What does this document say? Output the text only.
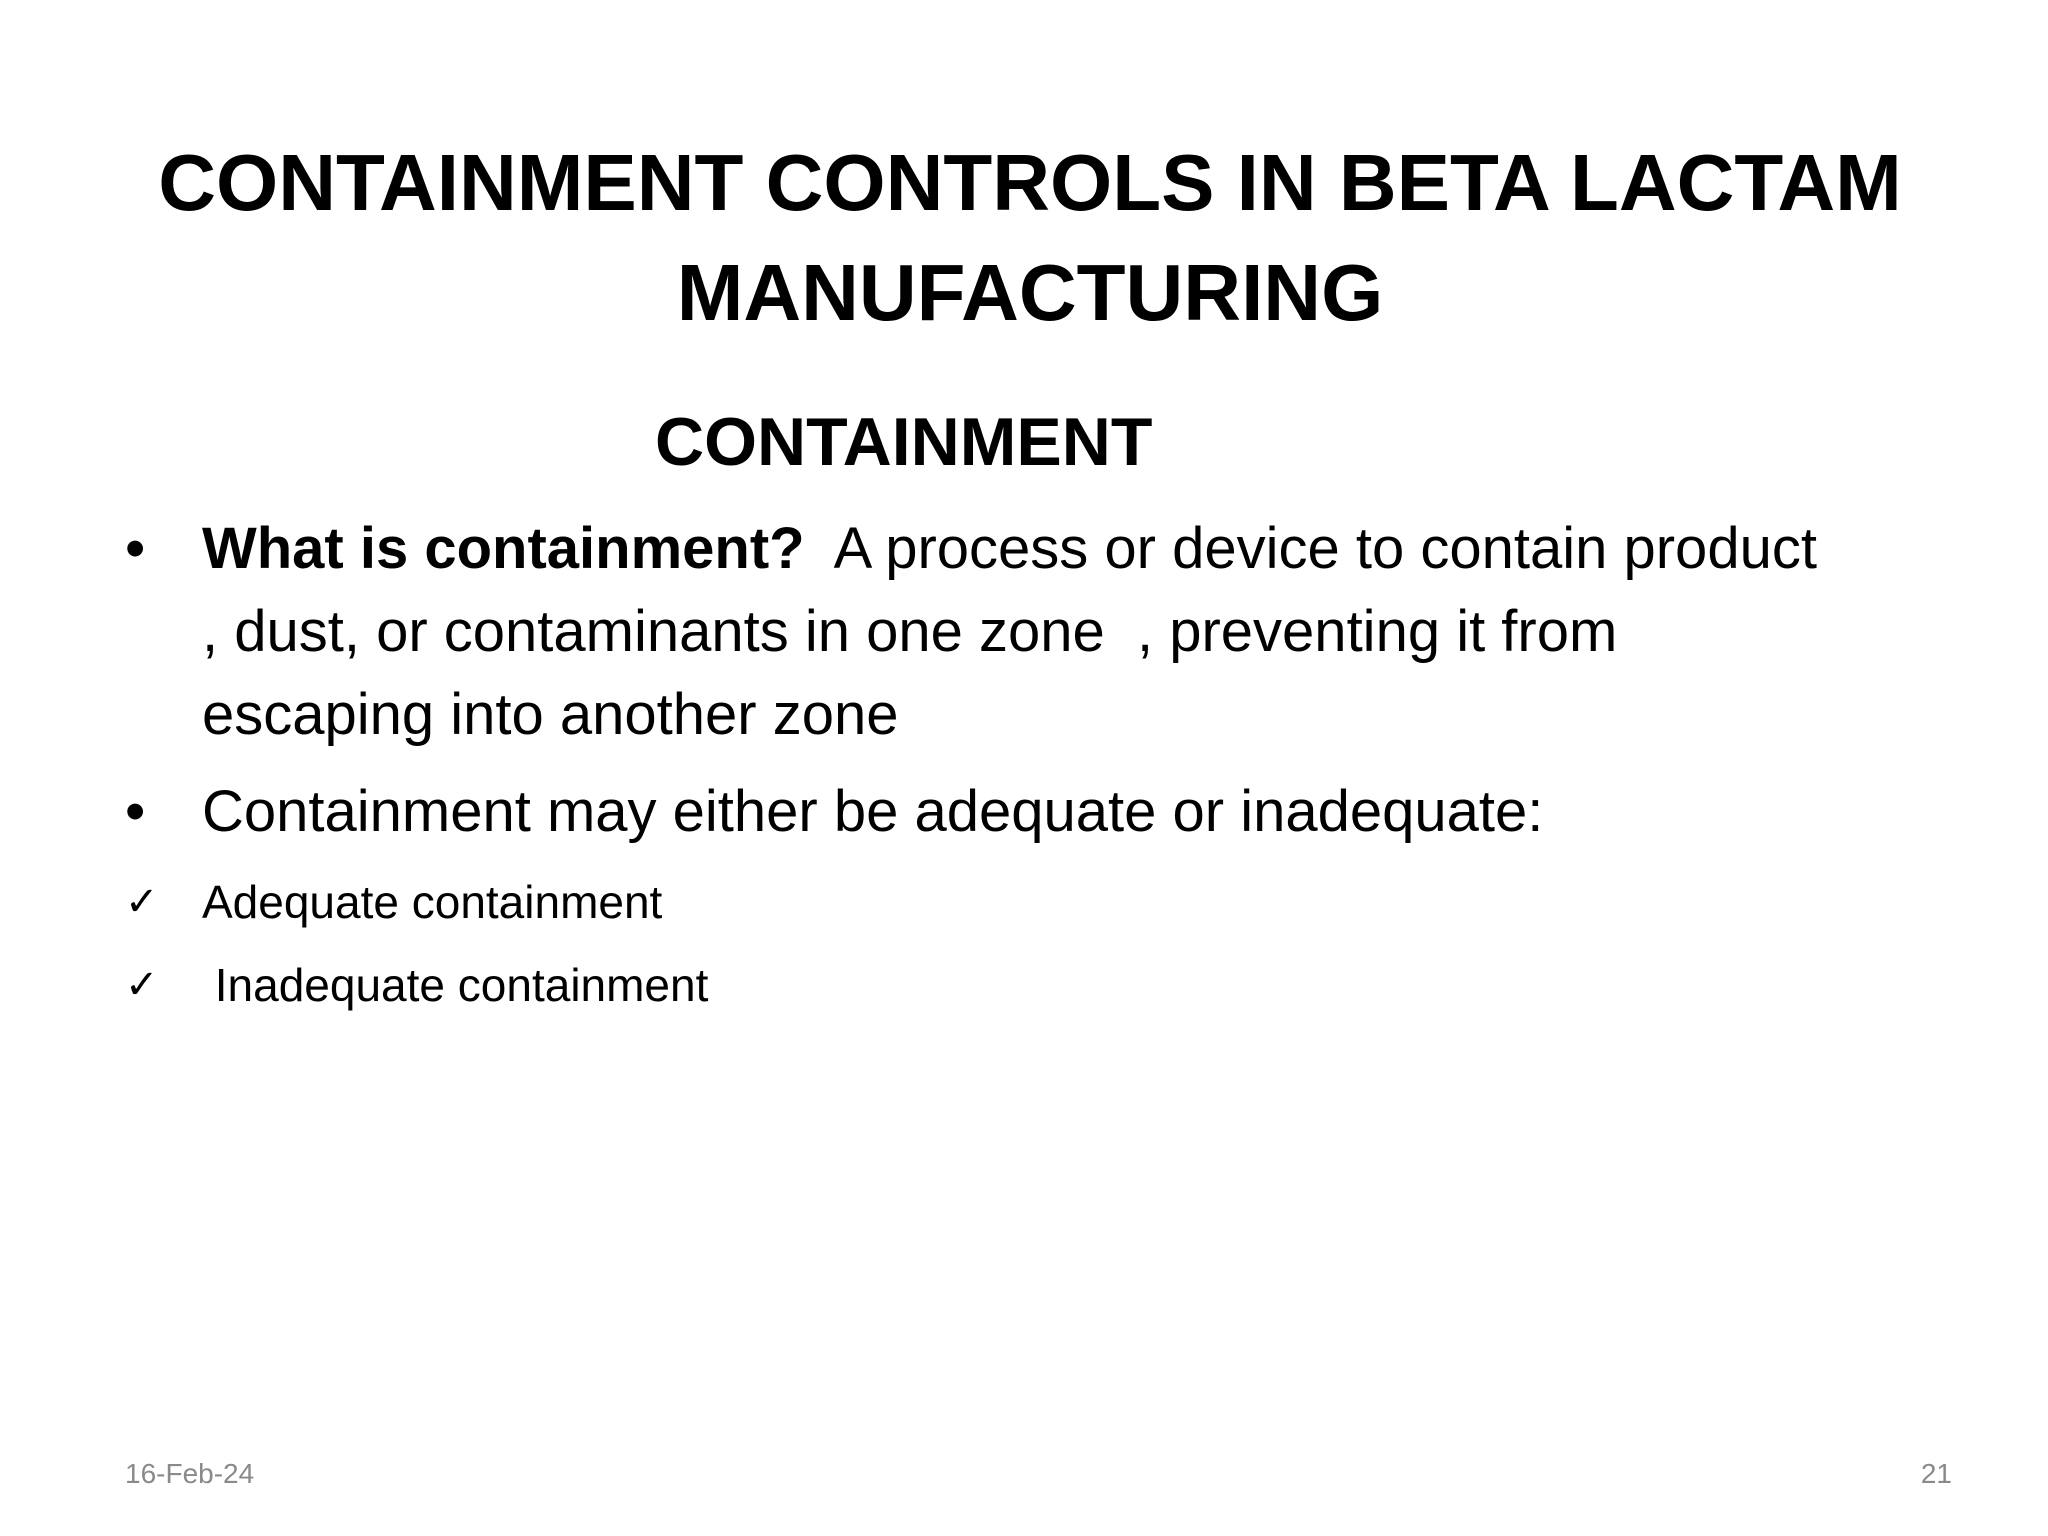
CONTAINMENT CONTROLS IN BETA LACTAM
MANUFACTURING
CONTAINMENT
• What is containment?  A process or device to contain product
, dust, or contaminants in one zone  , preventing it from
escaping into another zone
• Containment may either be adequate or inadequate:
✓ Adequate containment
✓ Inadequate containment
16-Feb-24	21
